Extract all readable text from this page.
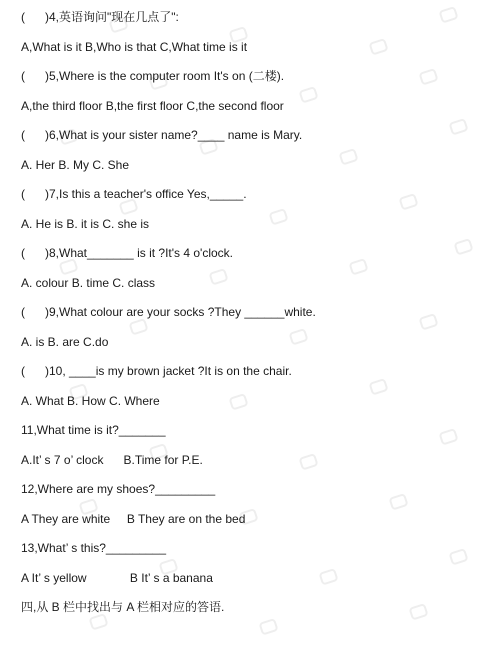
(      )4,英语询问"现在几点了":
A,What is it B,Who is that C,What time is it
(      )5,Where is the computer room It's on (二楼).
A,the third floor B,the first floor C,the second floor
(      )6,What is your sister name?____ name is Mary.
A. Her B. My C. She
(      )7,Is this a teacher's office Yes,_____.
A. He is B. it is C. she is
(      )8,What_______ is it ?It's 4 o'clock.
A. colour B. time C. class
(      )9,What colour are your socks ?They ______white.
A. is B. are C.do
(      )10, ____is my brown jacket ?It is on the chair.
A. What B. How C. Where
11,What time is it?_______
A.It’ s 7 o’ clock      B.Time for P.E.
12,Where are my shoes?_________
A They are white     B They are on the bed
13,What’ s this?_________
A It’ s yellow             B It’ s a banana
四,从 B 栏中找出与 A 栏相对应的答语.
